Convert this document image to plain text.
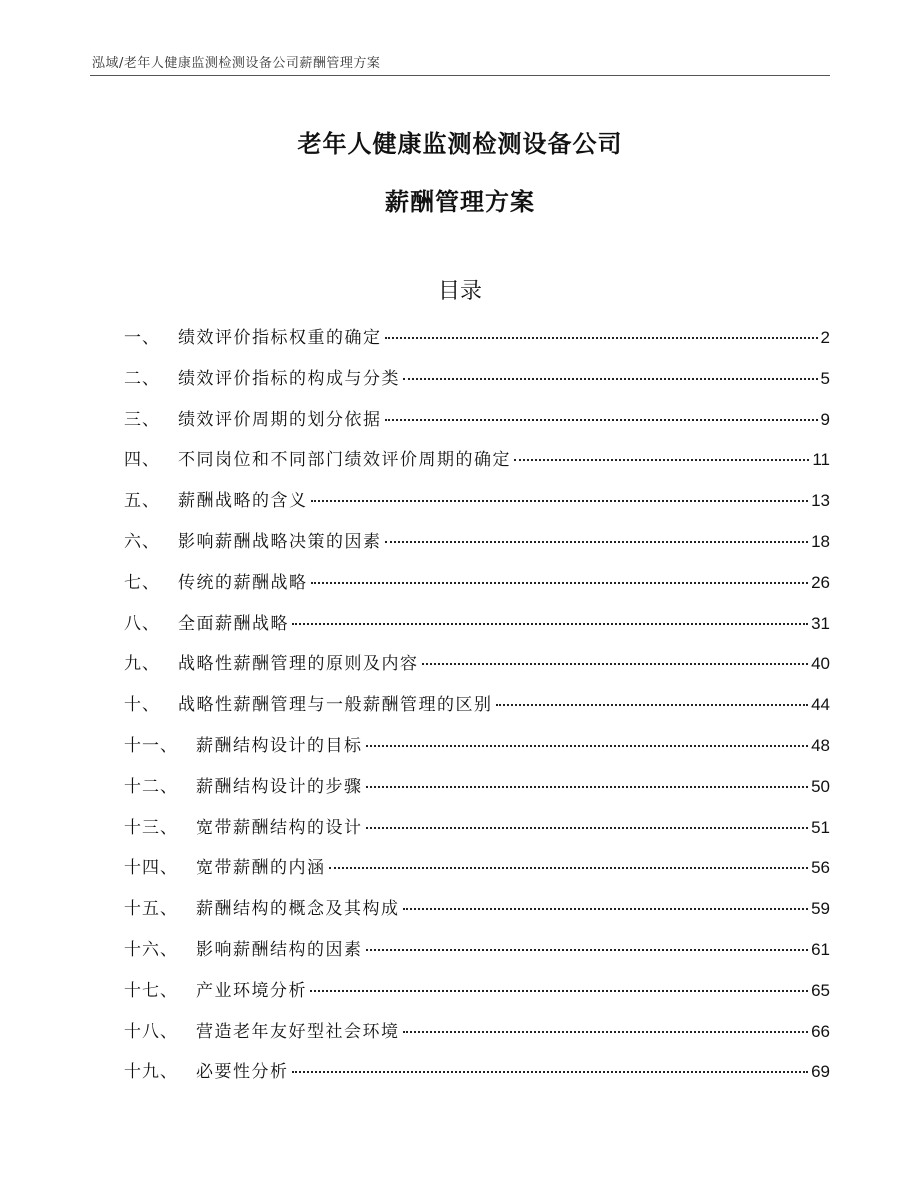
泓域/老年人健康监测检测设备公司薪酬管理方案
老年人健康监测检测设备公司
薪酬管理方案
目录
一、 绩效评价指标权重的确定	2
二、 绩效评价指标的构成与分类	5
三、 绩效评价周期的划分依据	9
四、 不同岗位和不同部门绩效评价周期的确定	11
五、 薪酬战略的含义	13
六、 影响薪酬战略决策的因素	18
七、 传统的薪酬战略	26
八、 全面薪酬战略	31
九、 战略性薪酬管理的原则及内容	40
十、 战略性薪酬管理与一般薪酬管理的区别	44
十一、 薪酬结构设计的目标	48
十二、 薪酬结构设计的步骤	50
十三、 宽带薪酬结构的设计	51
十四、 宽带薪酬的内涵	56
十五、 薪酬结构的概念及其构成	59
十六、 影响薪酬结构的因素	61
十七、 产业环境分析	65
十八、 营造老年友好型社会环境	66
十九、 必要性分析	69
